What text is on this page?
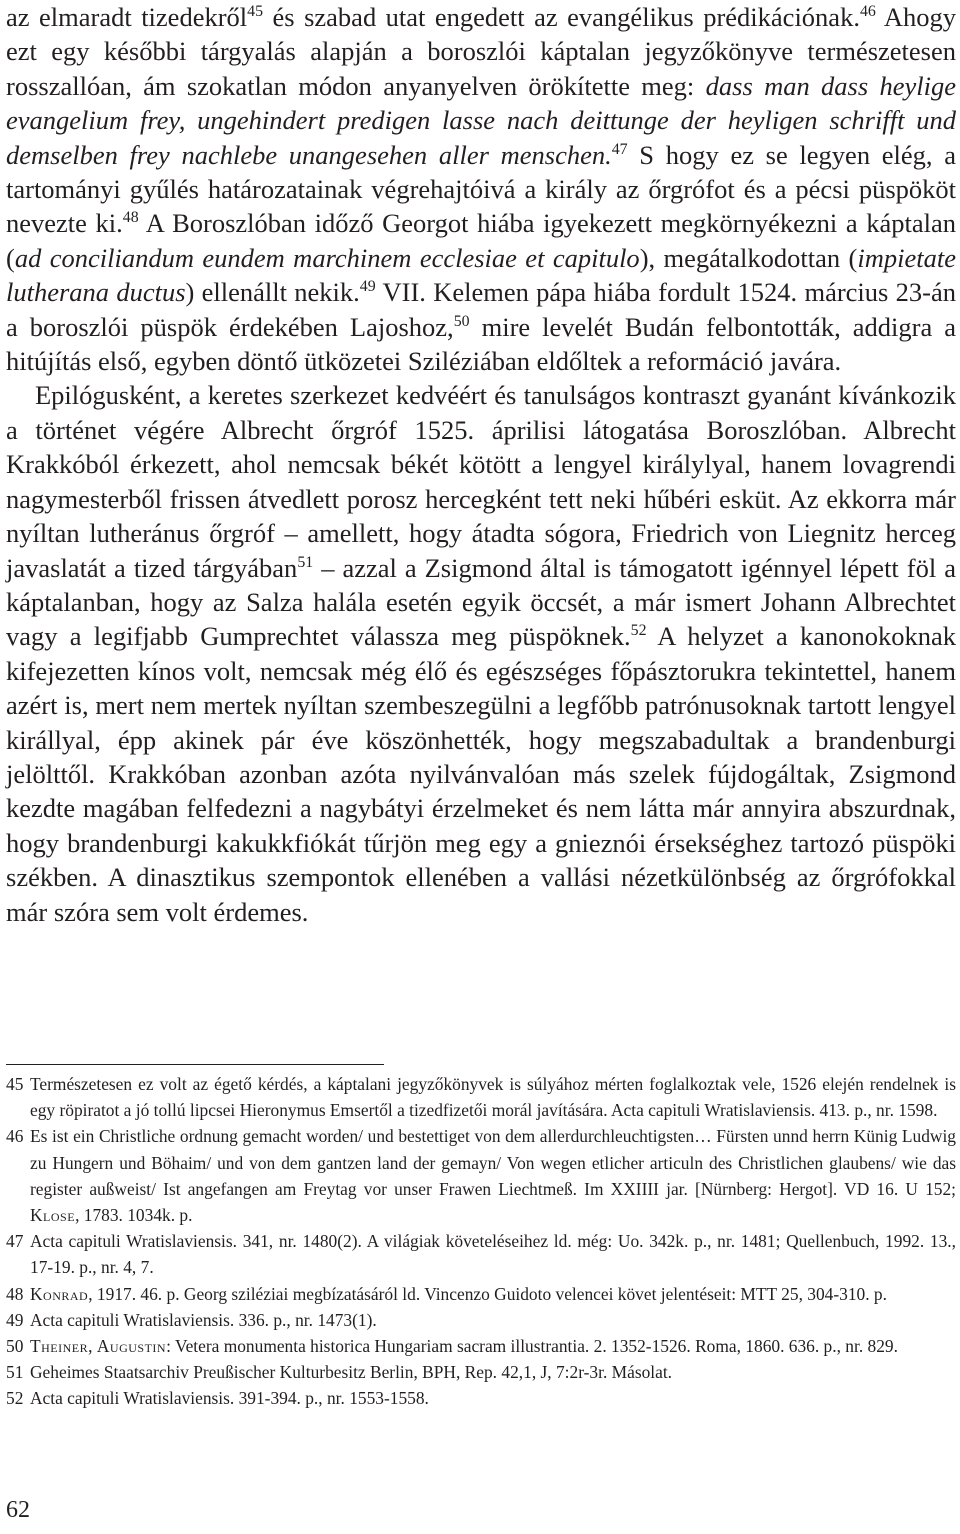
az elmaradt tizedekről$^{45}$ és szabad utat engedett az evangélikus prédikációnak.$^{46}$ Ahogy ezt egy későbbi tárgyalás alapján a boroszlói káptalan jegyzőkönyve természetesen rosszallóan, ám szokatlan módon anyanyelven örökítette meg: dass man dass heylige evangelium frey, ungehindert predigen lasse nach deittunge der heyligen schrifft und demselben frey nachlebe unangesehen aller menschen.$^{47}$ S hogy ez se legyen elég, a tartományi gyűlés határozatainak végrehajtóivá a király az őrgrófot és a pécsi püspököt nevezte ki.$^{48}$ A Boroszlóban időző Georgot hiába igyekezett megkörnyékezni a káptalan (ad conciliandum eundem marchinem ecclesiae et capitulo), megátalkodottan (impietate lutherana ductus) ellenállt nekik.$^{49}$ VII. Kelemen pápa hiába fordult 1524. március 23-án a boroszlói püspök érdekében Lajoshoz,$^{50}$ mire levelét Budán felbontották, addigra a hitújítás első, egyben döntő ütközetei Sziléziában eldőltek a reformáció javára.

Epilógusként, a keretes szerkezet kedvéért és tanulságos kontraszt gyanánt kívánkozik a történet végére Albrecht őrgróf 1525. áprilisi látogatása Boroszlóban. Albrecht Krakkóból érkezett, ahol nemcsak békét kötött a lengyel királylyal, hanem lovagrendi nagymesterből frissen átvedlett porosz hercegként tett neki hűbéri esküt. Az ekkorra már nyíltan lutheránus őrgróf – amellett, hogy átadta sógora, Friedrich von Liegnitz herceg javaslatát a tized tárgyában$^{51}$ – azzal a Zsigmond által is támogatott igénnyel lépett föl a káptalanban, hogy az Salza halála esetén egyik öccsét, a már ismert Johann Albrechtet vagy a legifjabb Gumprechtet válassza meg püspöknek.$^{52}$ A helyzet a kanonokoknak kifejezetten kínos volt, nemcsak még élő és egészséges főpásztorukra tekintettel, hanem azért is, mert nem mertek nyíltan szembeszegülni a legfőbb patrónusoknak tartott lengyel királlyal, épp akinek pár éve köszönhették, hogy megszabadultak a brandenburgi jelölttől. Krakkóban azonban azóta nyilvánvalóan más szelek fújdogáltak, Zsigmond kezdte magában felfedezni a nagybátyi érzelmeket és nem látta már annyira abszurdnak, hogy brandenburgi kakukkfiókát tűrjön meg egy a gnieznói érsekséghez tartozó püspöki székben. A dinasztikus szempontok ellenében a vallási nézetkülönbség az őrgrófokkal már szóra sem volt érdemes.

45 Természetesen ez volt az égető kérdés, a káptalani jegyzőkönyvek is súlyához mérten foglalkoztak vele, 1526 elején rendelnek is egy röpiratot a jó tollú lipcsei Hieronymus Emsertől a tizedfizetői morál javítására. Acta capituli Wratislaviensis. 413. p., nr. 1598.
46 Es ist ein Christliche ordnung gemacht worden/ und bestettiget von dem allerdurchleuchtigsten… Fürsten unnd herrn Künig Ludwig zu Hungern und Böhaim/ und von dem gantzen land der gemayn/ Von wegen etlicher articuln des Christlichen glaubens/ wie das register außweist/ Ist angefangen am Freytag vor unser Frawen Liechtmeß. Im XXIIII jar. [Nürnberg: Hergot]. VD 16. U 152; Klose, 1783. 1034k. p.
47 Acta capituli Wratislaviensis. 341, nr. 1480(2). A világiak követeléseihez ld. még: Uo. 342k. p., nr. 1481; Quellenbuch, 1992. 13., 17-19. p., nr. 4, 7.
48 Konrad, 1917. 46. p. Georg sziléziai megbízatásáról ld. Vincenzo Guidoto velencei követ jelentéseit: MTT 25, 304-310. p.
49 Acta capituli Wratislaviensis. 336. p., nr. 1473(1).
50 Theiner, Augustin: Vetera monumenta historica Hungariam sacram illustrantia. 2. 1352-1526. Roma, 1860. 636. p., nr. 829.
51 Geheimes Staatsarchiv Preußischer Kulturbesitz Berlin, BPH, Rep. 42,1, J, 7:2r-3r. Másolat.
52 Acta capituli Wratislaviensis. 391-394. p., nr. 1553-1558.
62
